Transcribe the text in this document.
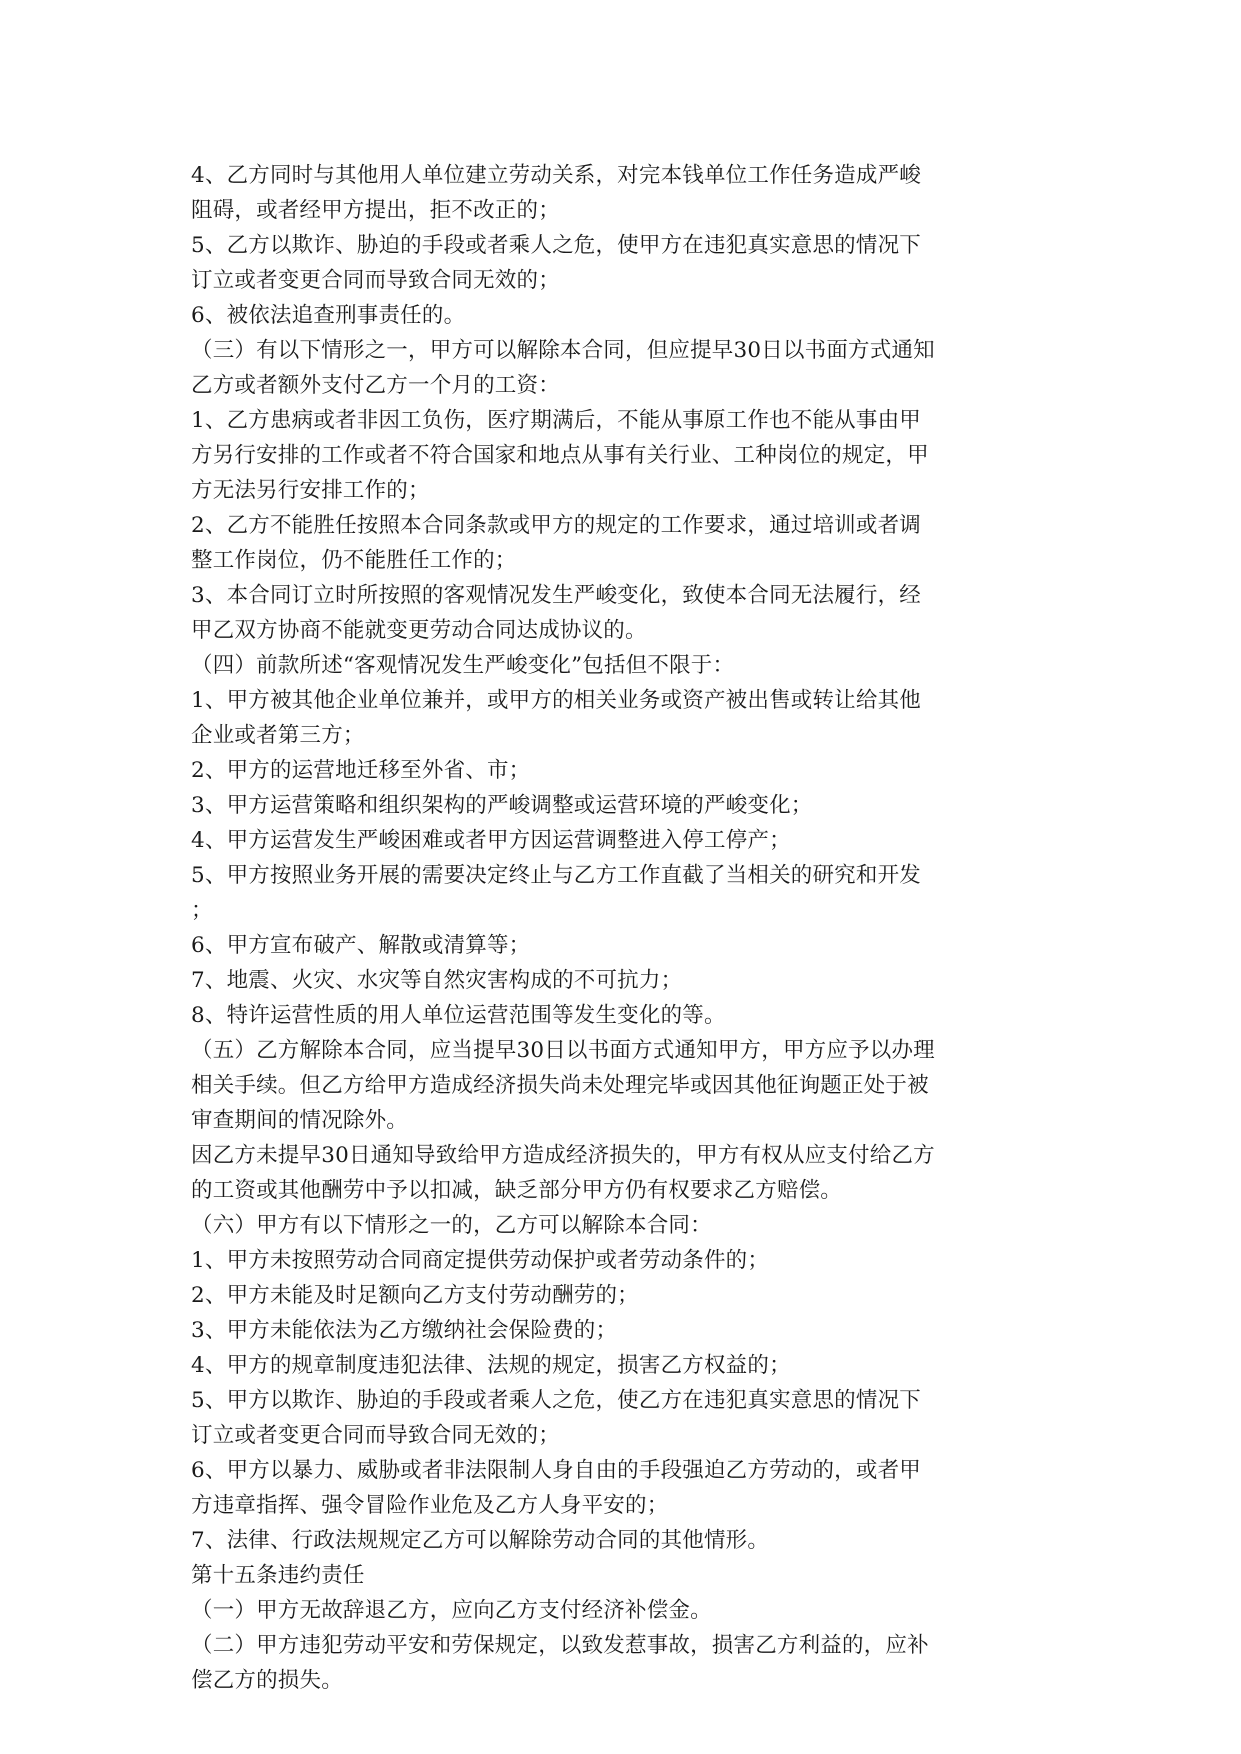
4、乙方同时与其他用人单位建立劳动关系，对完本钱单位工作任务造成严峻
阻碍，或者经甲方提出，拒不改正的；
5、乙方以欺诈、胁迫的手段或者乘人之危，使甲方在违犯真实意思的情况下
订立或者变更合同而导致合同无效的；
6、被依法追查刑事责任的。
（三）有以下情形之一，甲方可以解除本合同，但应提早30日以书面方式通知
乙方或者额外支付乙方一个月的工资：
1、乙方患病或者非因工负伤，医疗期满后，不能从事原工作也不能从事由甲
方另行安排的工作或者不符合国家和地点从事有关行业、工种岗位的规定，甲
方无法另行安排工作的；
2、乙方不能胜任按照本合同条款或甲方的规定的工作要求，通过培训或者调
整工作岗位，仍不能胜任工作的；
3、本合同订立时所按照的客观情况发生严峻变化，致使本合同无法履行，经
甲乙双方协商不能就变更劳动合同达成协议的。
（四）前款所述“客观情况发生严峻变化”包括但不限于：
1、甲方被其他企业单位兼并，或甲方的相关业务或资产被出售或转让给其他
企业或者第三方；
2、甲方的运营地迁移至外省、市；
3、甲方运营策略和组织架构的严峻调整或运营环境的严峻变化；
4、甲方运营发生严峻困难或者甲方因运营调整进入停工停产；
5、甲方按照业务开展的需要决定终止与乙方工作直截了当相关的研究和开发
；
6、甲方宣布破产、解散或清算等；
7、地震、火灾、水灾等自然灾害构成的不可抗力；
8、特许运营性质的用人单位运营范围等发生变化的等。
（五）乙方解除本合同，应当提早30日以书面方式通知甲方，甲方应予以办理
相关手续。但乙方给甲方造成经济损失尚未处理完毕或因其他征询题正处于被
审查期间的情况除外。
因乙方未提早30日通知导致给甲方造成经济损失的，甲方有权从应支付给乙方
的工资或其他酬劳中予以扣减，缺乏部分甲方仍有权要求乙方赔偿。
（六）甲方有以下情形之一的，乙方可以解除本合同：
1、甲方未按照劳动合同商定提供劳动保护或者劳动条件的；
2、甲方未能及时足额向乙方支付劳动酬劳的；
3、甲方未能依法为乙方缴纳社会保险费的；
4、甲方的规章制度违犯法律、法规的规定，损害乙方权益的；
5、甲方以欺诈、胁迫的手段或者乘人之危，使乙方在违犯真实意思的情况下
订立或者变更合同而导致合同无效的；
6、甲方以暴力、威胁或者非法限制人身自由的手段强迫乙方劳动的，或者甲
方违章指挥、强令冒险作业危及乙方人身平安的；
7、法律、行政法规规定乙方可以解除劳动合同的其他情形。
第十五条违约责任
（一）甲方无故辞退乙方，应向乙方支付经济补偿金。
（二）甲方违犯劳动平安和劳保规定，以致发惹事故，损害乙方利益的，应补
偿乙方的损失。
